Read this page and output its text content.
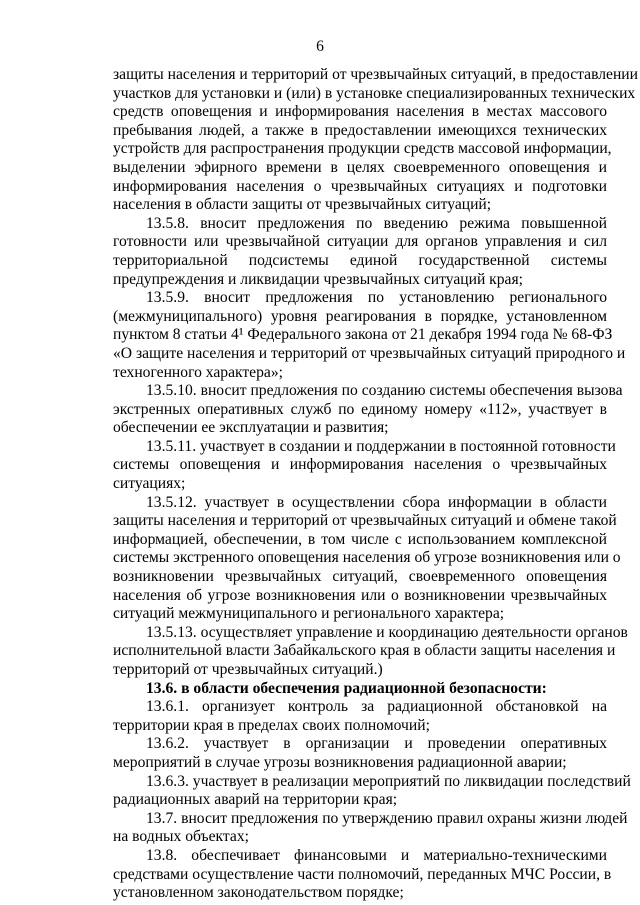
6
защиты населения и территорий от чрезвычайных ситуаций, в предоставлении
участков для установки и (или) в установке специализированных технических
средств оповещения и информирования населения в местах массового
пребывания людей, а также в предоставлении имеющихся технических
устройств для распространения продукции средств массовой информации,
выделении эфирного времени в целях своевременного оповещения и
информирования населения о чрезвычайных ситуациях и подготовки
населения в области защиты от чрезвычайных ситуаций;
13.5.8. вносит предложения по введению режима повышенной
готовности или чрезвычайной ситуации для органов управления и сил
территориальной подсистемы единой государственной системы
предупреждения и ликвидации чрезвычайных ситуаций края;
13.5.9. вносит предложения по установлению регионального
(межмуниципального) уровня реагирования в порядке, установленном
пунктом 8 статьи 4¹ Федерального закона от 21 декабря 1994 года № 68-ФЗ
«О защите населения и территорий от чрезвычайных ситуаций природного и
техногенного характера»;
13.5.10. вносит предложения по созданию системы обеспечения вызова
экстренных оперативных служб по единому номеру «112», участвует в
обеспечении ее эксплуатации и развития;
13.5.11. участвует в создании и поддержании в постоянной готовности
системы оповещения и информирования населения о чрезвычайных
ситуациях;
13.5.12. участвует в осуществлении сбора информации в области
защиты населения и территорий от чрезвычайных ситуаций и обмене такой
информацией, обеспечении, в том числе с использованием комплексной
системы экстренного оповещения населения об угрозе возникновения или о
возникновении чрезвычайных ситуаций, своевременного оповещения
населения об угрозе возникновения или о возникновении чрезвычайных
ситуаций межмуниципального и регионального характера;
13.5.13. осуществляет управление и координацию деятельности органов
исполнительной власти Забайкальского края в области защиты населения и
территорий от чрезвычайных ситуаций.)
13.6. в области обеспечения радиационной безопасности:
13.6.1. организует контроль за радиационной обстановкой на
территории края в пределах своих полномочий;
13.6.2. участвует в организации и проведении оперативных
мероприятий в случае угрозы возникновения радиационной аварии;
13.6.3. участвует в реализации мероприятий по ликвидации последствий
радиационных аварий на территории края;
13.7. вносит предложения по утверждению правил охраны жизни людей
на водных объектах;
13.8. обеспечивает финансовыми и материально-техническими
средствами осуществление части полномочий, переданных МЧС России, в
установленном законодательством порядке;
